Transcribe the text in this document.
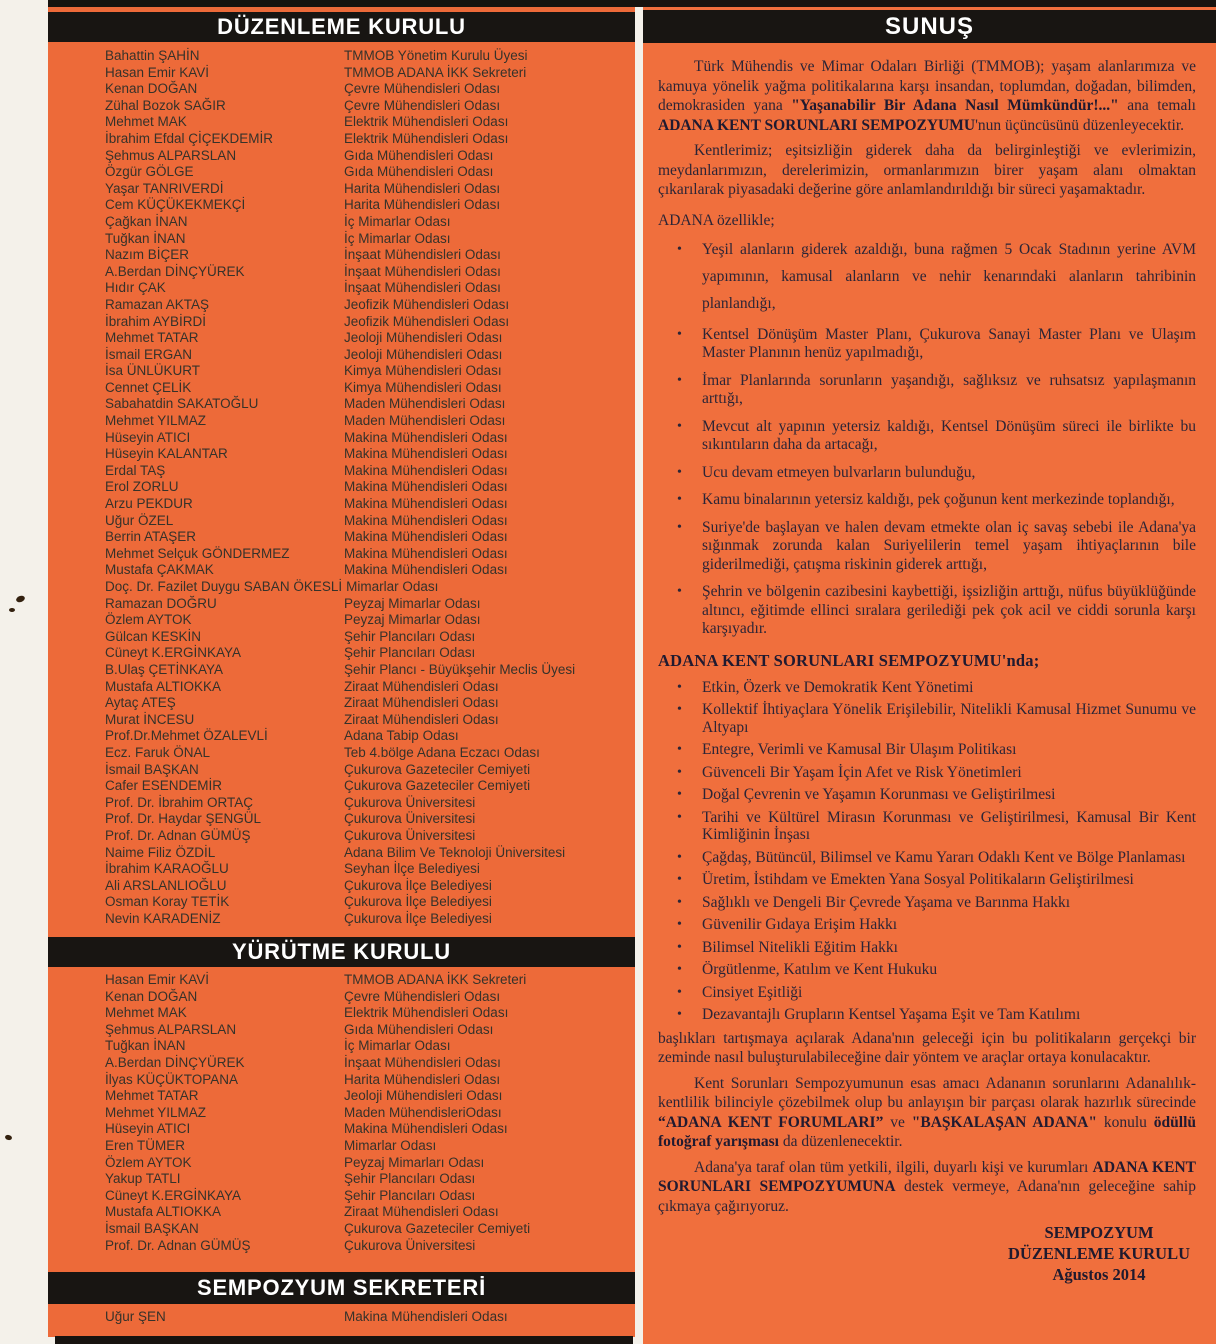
DÜZENLEME KURULU
Bahattin ŞAHİN	TMMOB Yönetim Kurulu Üyesi
Hasan Emir KAVİ	TMMOB ADANA İKK Sekreteri
Kenan DOĞAN	Çevre Mühendisleri Odası
Zühal Bozok SAĞIR	Çevre Mühendisleri Odası
Mehmet MAK	Elektrik Mühendisleri Odası
İbrahim Efdal ÇİÇEKDEMİR	Elektrik Mühendisleri Odası
Şehmus ALPARSLAN	Gıda Mühendisleri Odası
Özgür GÖLGE	Gıda Mühendisleri Odası
Yaşar TANRIVERDİ	Harita Mühendisleri Odası
Cem KÜÇÜKEKMEKÇİ	Harita Mühendisleri Odası
Çağkan İNAN	İç Mimarlar Odası
Tuğkan İNAN	İç Mimarlar Odası
Nazım BİÇER	İnşaat Mühendisleri Odası
A.Berdan DİNÇYÜREK	İnşaat Mühendisleri Odası
Hıdır ÇAK	İnşaat Mühendisleri Odası
Ramazan AKTAŞ	Jeofizik Mühendisleri Odası
İbrahim AYBİRDİ	Jeofizik Mühendisleri Odası
Mehmet TATAR	Jeoloji Mühendisleri Odası
İsmail ERGAN	Jeoloji Mühendisleri Odası
İsa ÜNLÜKURT	Kimya Mühendisleri Odası
Cennet ÇELİK	Kimya Mühendisleri Odası
Sabahatdin SAKATOĞLU	Maden Mühendisleri Odası
Mehmet YILMAZ	Maden Mühendisleri Odası
Hüseyin ATICI	Makina Mühendisleri Odası
Hüseyin KALANTAR	Makina Mühendisleri Odası
Erdal TAŞ	Makina Mühendisleri Odası
Erol ZORLU	Makina Mühendisleri Odası
Arzu PEKDUR	Makina Mühendisleri Odası
Uğur ÖZEL	Makina Mühendisleri Odası
Berrin ATAŞER	Makina Mühendisleri Odası
Mehmet Selçuk GÖNDERMEZ	Makina Mühendisleri Odası
Mustafa ÇAKMAK	Makina Mühendisleri Odası
Doç. Dr. Fazilet Duygu SABAN ÖKESLİ Mimarlar Odası
Ramazan DOĞRU	Peyzaj Mimarlar Odası
Özlem AYTOK	Peyzaj Mimarlar Odası
Gülcan KESKİN	Şehir Plancıları Odası
Cüneyt K.ERGİNKAYA	Şehir Plancıları Odası
B.Ulaş ÇETİNKAYA	Şehir Plancı - Büyükşehir Meclis Üyesi
Mustafa ALTIOKKA	Ziraat Mühendisleri Odası
Aytaç ATEŞ	Ziraat Mühendisleri Odası
Murat İNCESU	Ziraat Mühendisleri Odası
Prof.Dr.Mehmet ÖZALEVLİ	Adana Tabip Odası
Ecz. Faruk ÖNAL	Teb 4.bölge Adana Eczacı Odası
İsmail BAŞKAN	Çukurova Gazeteciler Cemiyeti
Cafer ESENDEMİR	Çukurova Gazeteciler Cemiyeti
Prof. Dr. İbrahim ORTAÇ	Çukurova Üniversitesi
Prof. Dr. Haydar ŞENGÜL	Çukurova Üniversitesi
Prof. Dr. Adnan GÜMÜŞ	Çukurova Üniversitesi
Naime Filiz ÖZDİL	Adana Bilim Ve Teknoloji Üniversitesi
İbrahim KARAOĞLU	Seyhan İlçe Belediyesi
Ali ARSLANLIOĞLU	Çukurova İlçe Belediyesi
Osman Koray TETİK	Çukurova İlçe Belediyesi
Nevin KARADENİZ	Çukurova İlçe Belediyesi
YÜRÜTME KURULU
Hasan Emir KAVİ	TMMOB ADANA İKK Sekreteri
Kenan DOĞAN	Çevre Mühendisleri Odası
Mehmet MAK	Elektrik Mühendisleri Odası
Şehmus ALPARSLAN	Gıda Mühendisleri Odası
Tuğkan İNAN	İç Mimarlar Odası
A.Berdan DİNÇYÜREK	İnşaat Mühendisleri Odası
İlyas KÜÇÜKTOPANA	Harita Mühendisleri Odası
Mehmet TATAR	Jeoloji Mühendisleri Odası
Mehmet YILMAZ	Maden MühendisleriOdası
Hüseyin ATICI	Makina Mühendisleri Odası
Eren TÜMER	Mimarlar Odası
Özlem AYTOK	Peyzaj Mimarları Odası
Yakup TATLI	Şehir Plancıları Odası
Cüneyt K.ERGİNKAYA	Şehir Plancıları Odası
Mustafa ALTIOKKA	Ziraat Mühendisleri Odası
İsmail BAŞKAN	Çukurova Gazeteciler Cemiyeti
Prof. Dr. Adnan GÜMÜŞ	Çukurova Üniversitesi
SEMPOZYUM SEKRETERİ
Uğur ŞEN	Makina Mühendisleri Odası
SUNUŞ

Türk Mühendis ve Mimar Odaları Birliği (TMMOB); yaşam alanlarımıza ve kamuya yönelik yağma politikalarına karşı insandan, toplumdan, doğadan, bilimden, demokrasiden yana "Yaşanabilir Bir Adana Nasıl Mümkündür!..." ana temalı ADANA KENT SORUNLARI SEMPOZYUMU'nun üçüncüsünü düzenleyecektir.

Kentlerimiz; eşitsizliğin giderek daha da belirginleştiği ve evlerimizin, meydanlarımızın, derelerimizin, ormanlarımızın birer yaşam alanı olmaktan çıkarılarak piyasadaki değerine göre anlamlandırıldığı bir süreci yaşamaktadır.

ADANA özellikle;

• Yeşil alanların giderek azaldığı, buna rağmen 5 Ocak Stadının yerine AVM yapımının, kamusal alanların ve nehir kenarındaki alanların tahribinin planlandığı,
• Kentsel Dönüşüm Master Planı, Çukurova Sanayi Master Planı ve Ulaşım Master Planının henüz yapılmadığı,
• İmar Planlarında sorunların yaşandığı, sağlıksız ve ruhsatsız yapılaşmanın arttığı,
• Mevcut alt yapının yetersiz kaldığı, Kentsel Dönüşüm süreci ile birlikte bu sıkıntıların daha da artacağı,
• Ucu devam etmeyen bulvarların bulunduğu,
• Kamu binalarının yetersiz kaldığı, pek çoğunun kent merkezinde toplandığı,
• Suriye'de başlayan ve halen devam etmekte olan iç savaş sebebi ile Adana'ya sığınmak zorunda kalan Suriyelilerin temel yaşam ihtiyaçlarının bile giderilmediği, çatışma riskinin giderek arttığı,
• Şehrin ve bölgenin cazibesini kaybettiği, işsizliğin arttığı, nüfus büyüklüğünde altıncı, eğitimde ellinci sıralara gerilediği pek çok acil ve ciddi sorunla karşı karşıyadır.

ADANA KENT SORUNLARI SEMPOZYUMU'nda;

• Etkin, Özerk ve Demokratik Kent Yönetimi
• Kollektif İhtiyaçlara Yönelik Erişilebilir, Nitelikli Kamusal Hizmet Sunumu ve Altyapı
• Entegre, Verimli ve Kamusal Bir Ulaşım Politikası
• Güvenceli Bir Yaşam İçin Afet ve Risk Yönetimleri
• Doğal Çevrenin ve Yaşamın Korunması ve Geliştirilmesi
• Tarihi ve Kültürel Mirasın Korunması ve Geliştirilmesi, Kamusal Bir Kent Kimliğinin İnşası
• Çağdaş, Bütüncül, Bilimsel ve Kamu Yararı Odaklı Kent ve Bölge Planlaması
• Üretim, İstihdam ve Emekten Yana Sosyal Politikaların Geliştirilmesi
• Sağlıklı ve Dengeli Bir Çevrede Yaşama ve Barınma Hakkı
• Güvenilir Gıdaya Erişim Hakkı
• Bilimsel Nitelikli Eğitim Hakkı
• Örgütlenme, Katılım ve Kent Hukuku
• Cinsiyet Eşitliği
• Dezavantajlı Grupların Kentsel Yaşama Eşit ve Tam Katılımı

başlıkları tartışmaya açılarak Adana'nın geleceği için bu politikaların gerçekçi bir zeminde nasıl buluşturulabileceğine dair yöntem ve araçlar ortaya konulacaktır.

Kent Sorunları Sempozyumunun esas amacı Adananın sorunlarını Adanalılık-kentlilik bilinciyle çözebilmek olup bu anlayışın bir parçası olarak hazırlık sürecinde “ADANA KENT FORUMLARI” ve "BAŞKALAŞAN ADANA" konulu ödüllü fotoğraf yarışması da düzenlenecektir.

Adana'ya taraf olan tüm yetkili, ilgili, duyarlı kişi ve kurumları ADANA KENT SORUNLARI SEMPOZYUMUNA destek vermeye, Adana'nın geleceğine sahip çıkmaya çağırıyoruz.

SEMPOZYUM
DÜZENLEME KURULU
Ağustos 2014
